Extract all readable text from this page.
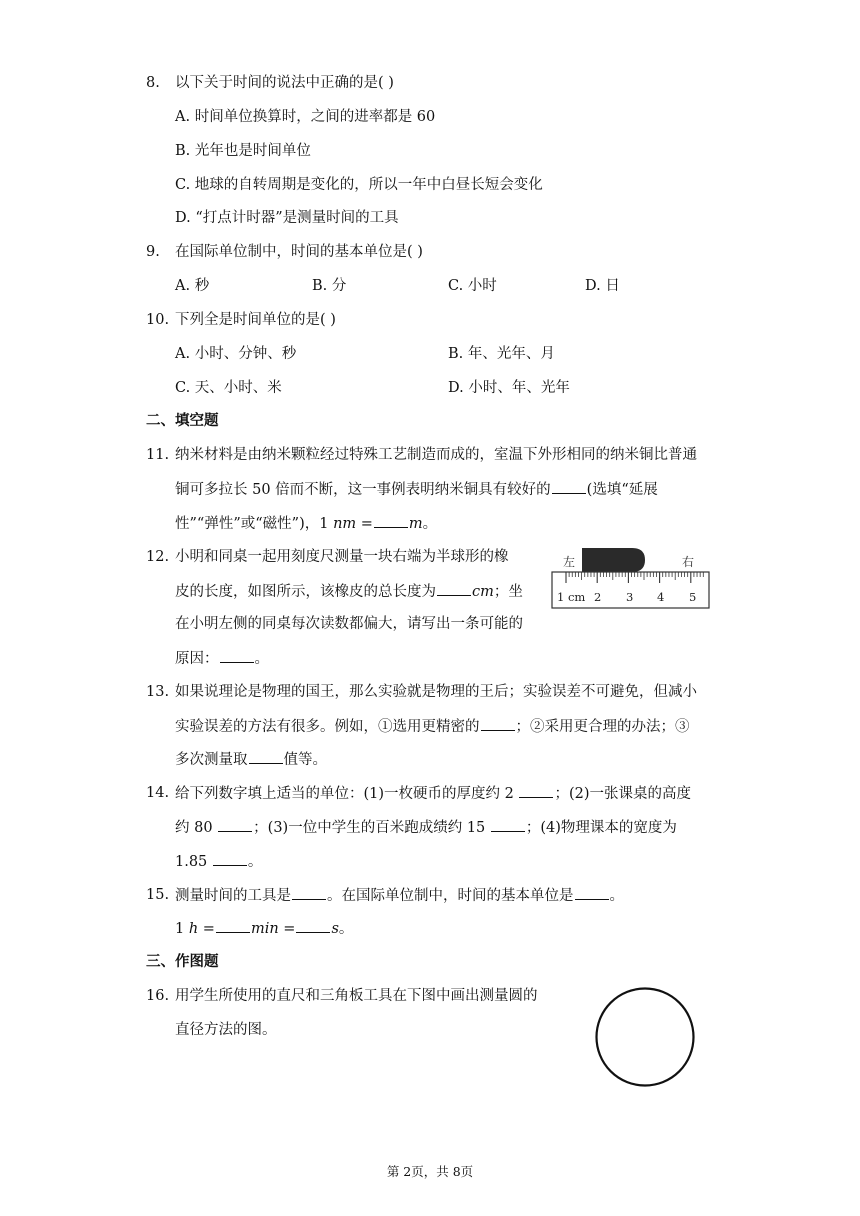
8. 以下关于时间的说法中正确的是( )
A. 时间单位换算时，之间的进率都是 60
B. 光年也是时间单位
C. 地球的自转周期是变化的，所以一年中白昼长短会变化
D. “打点计时器”是测量时间的工具
9. 在国际单位制中，时间的基本单位是( )
A. 秒	B. 分	C. 小时	D. 日
10. 下列全是时间单位的是( )
A. 小时、分钟、秒	B. 年、光年、月
C. 天、小时、米	D. 小时、年、光年
二、填空题
11. 纳米材料是由纳米颗粒经过特殊工艺制造而成的，室温下外形相同的纳米铜比普通
铜可多拉长 50 倍而不断，这一事例表明纳米铜具有较好的 (选填“延展
性”“弹性”或“磁性”)，1 nm = m。
12. 小明和同桌一起用刻度尺测量一块右端为半球形的橡
皮的长度，如图所示，该橡皮的总长度为 cm；坐
在小明左侧的同桌每次读数都偏大，请写出一条可能的
原因： 。
左	右
1 cm 2 3 4 5
13. 如果说理论是物理的国王，那么实验就是物理的王后；实验误差不可避免，但减小
实验误差的方法有很多。例如，①选用更精密的 ；②采用更合理的办法；③
多次测量取 值等。
14. 给下列数字填上适当的单位：(1)一枚硬币的厚度约 2 ；(2)一张课桌的高度
约 80 ；(3)一位中学生的百米跑成绩约 15 ；(4)物理课本的宽度为
1.85 。
15. 测量时间的工具是 。在国际单位制中，时间的基本单位是 。
1 h = min = s。
三、作图题
16. 用学生所使用的直尺和三角板工具在下图中画出测量圆的
直径方法的图。
第 2页，共 8页
